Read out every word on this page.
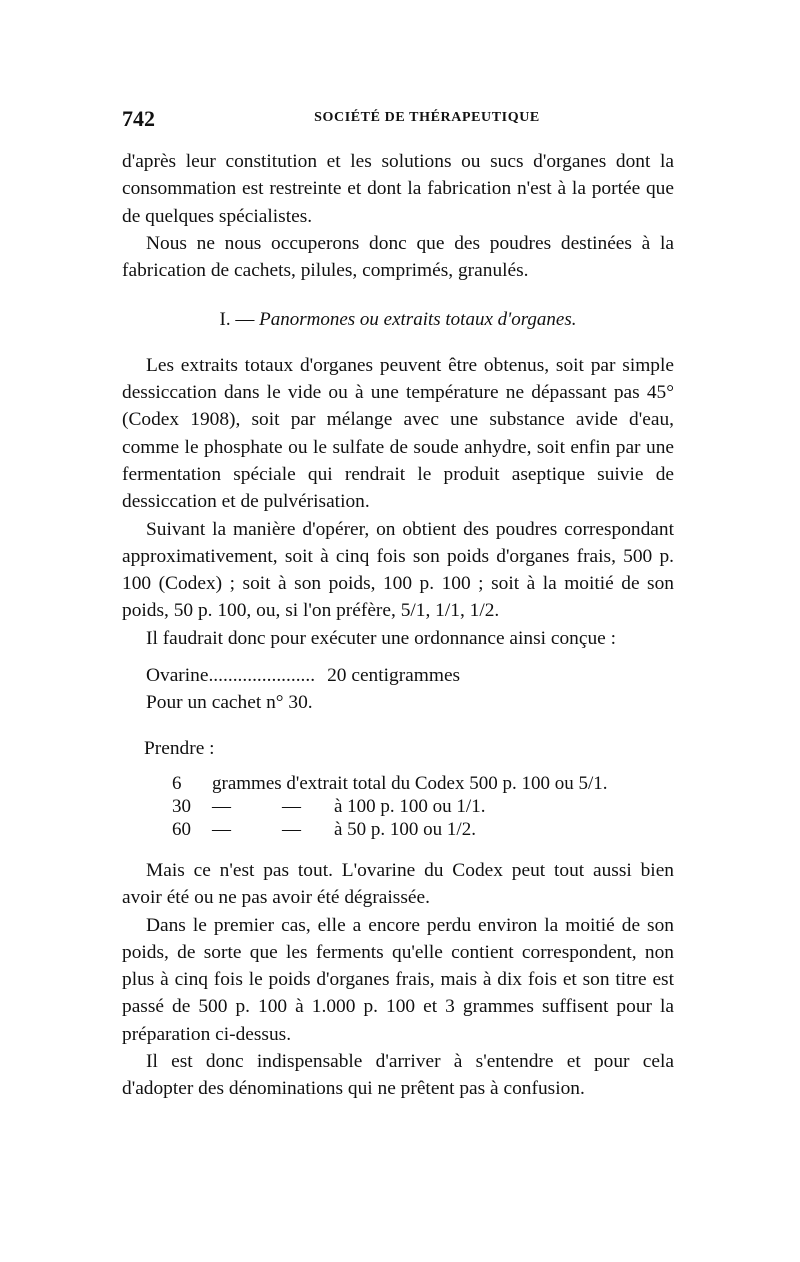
742	SOCIÉTÉ DE THÉRAPEUTIQUE

d'après leur constitution et les solutions ou sucs d'organes dont la consommation est restreinte et dont la fabrication n'est à la portée que de quelques spécialistes.

Nous ne nous occuperons donc que des poudres destinées à la fabrication de cachets, pilules, comprimés, granulés.

I. — Panormones ou extraits totaux d'organes.

Les extraits totaux d'organes peuvent être obtenus, soit par simple dessiccation dans le vide ou à une température ne dépassant pas 45° (Codex 1908), soit par mélange avec une substance avide d'eau, comme le phosphate ou le sulfate de soude anhydre, soit enfin par une fermentation spéciale qui rendrait le produit aseptique suivie de dessiccation et de pulvérisation.

Suivant la manière d'opérer, on obtient des poudres correspondant approximativement, soit à cinq fois son poids d'organes frais, 500 p. 100 (Codex) ; soit à son poids, 100 p. 100 ; soit à la moitié de son poids, 50 p. 100, ou, si l'on préfère, 5/1, 1/1, 1/2.

Il faudrait donc pour exécuter une ordonnance ainsi conçue :

Ovarine ...................... 20 centigrammes

Pour un cachet n° 30.

Prendre :

6	grammes d'extrait total du Codex 500 p. 100 ou 5/1.		
30	—	—	à 100 p. 100 ou 1/1.
60	—	—	à 50 p. 100 ou 1/2.

Mais ce n'est pas tout. L'ovarine du Codex peut tout aussi bien avoir été ou ne pas avoir été dégraissée.

Dans le premier cas, elle a encore perdu environ la moitié de son poids, de sorte que les ferments qu'elle contient correspondent, non plus à cinq fois le poids d'organes frais, mais à dix fois et son titre est passé de 500 p. 100 à 1.000 p. 100 et 3 grammes suffisent pour la préparation ci-dessus.

Il est donc indispensable d'arriver à s'entendre et pour cela d'adopter des dénominations qui ne prêtent pas à confusion.
